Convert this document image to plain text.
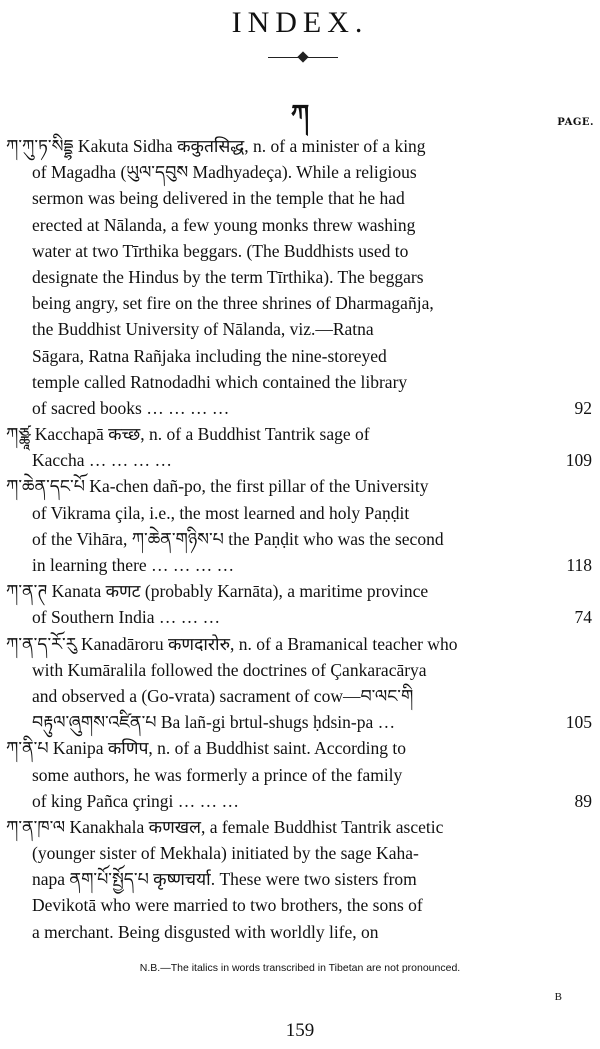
INDEX.
ཀ	PAGE.
ཀ་ཀུ་ཏ་སིདྡྷ Kakuta Sidha ककुतसिद्ध, n. of a minister of a king
of Magadha (ཡུལ་དབུས Madhyadeça). While a religious
sermon was being delivered in the temple that he had
erected at Nālanda, a few young monks threw washing
water at two Tīrthika beggars. (The Buddhists used to
designate the Hindus by the term Tīrthika). The beggars
being angry, set fire on the three shrines of Dharmagañja,
the Buddhist University of Nālanda, viz.—Ratna
Sāgara, Ratna Rañjaka including the nine-storeyed
temple called Ratnodadhi which contained the library
of sacred books … … … …	92
ཀཙྪཱ Kacchapā कच्छ, n. of a Buddhist Tantrik sage of
Kaccha … … … …	109
ཀ་ཆེན་དང་པོ Ka-chen dañ-po, the first pillar of the University
of Vikrama çila, i.e., the most learned and holy Paṇḍit
of the Vihāra, ཀ་ཆེན་གཉིས་པ the Paṇḍit who was the second
in learning there … … … …	118
ཀ་ན་ཊ Kanata कणट (probably Karnāta), a maritime province
of Southern India … … …	74
ཀ་ན་ད་རོ་རུ Kanadāroru कणदारोरु, n. of a Bramanical teacher who
with Kumāralila followed the doctrines of Çankaracārya
and observed a (Go-vrata) sacrament of cow—བ་ལང་གི
བརྟུལ་ཞུགས་འཛིན་པ Ba lañ-gi brtul-shugs ḥdsin-pa …	105
ཀ་ནི་པ Kanipa कणिप, n. of a Buddhist saint. According to
some authors, he was formerly a prince of the family
of king Pañca çringi … … …	89
ཀ་ན་ཁ་ལ Kanakhala कणखल, a female Buddhist Tantrik ascetic
(younger sister of Mekhala) initiated by the sage Kaha-
napa ནག་པོ་སྤྱོད་པ कृष्णचर्या. These were two sisters from
Devikotā who were married to two brothers, the sons of
a merchant. Being disgusted with worldly life, on
N.B.—The italics in words transcribed in Tibetan are not pronounced.
B
159
